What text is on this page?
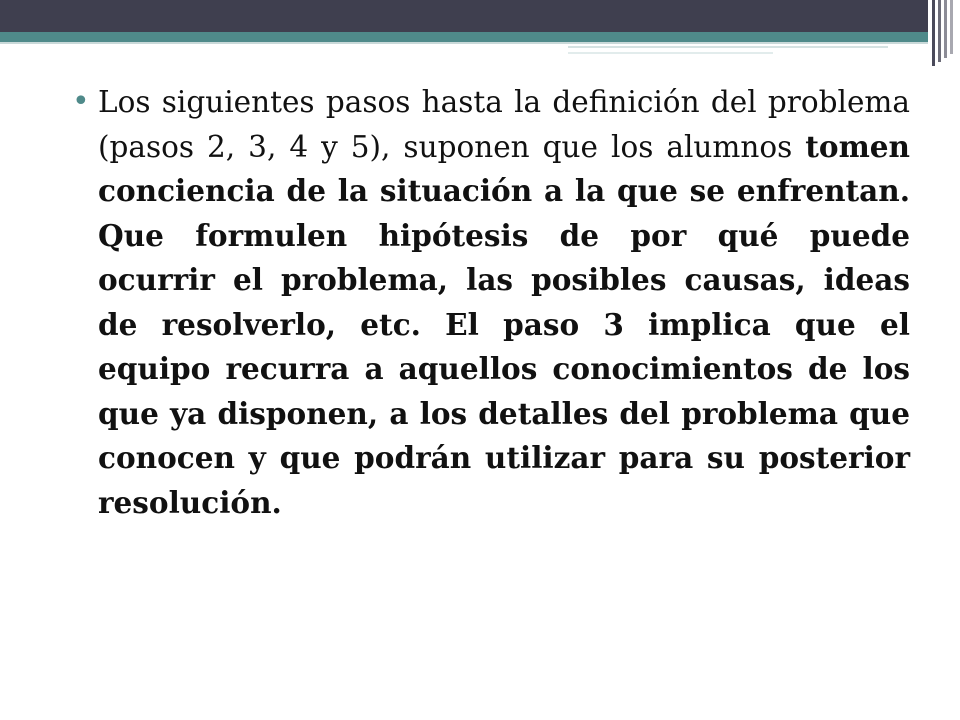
• Los siguientes pasos hasta la definición del problema (pasos 2, 3, 4 y 5), suponen que los alumnos tomen conciencia de la situación a la que se enfrentan. Que formulen hipótesis de por qué puede ocurrir el problema, las posibles causas, ideas de resolverlo, etc. El paso 3 implica que el equipo recurra a aquellos conocimientos de los que ya disponen, a los detalles del problema que conocen y que podrán utilizar para su posterior resolución.
